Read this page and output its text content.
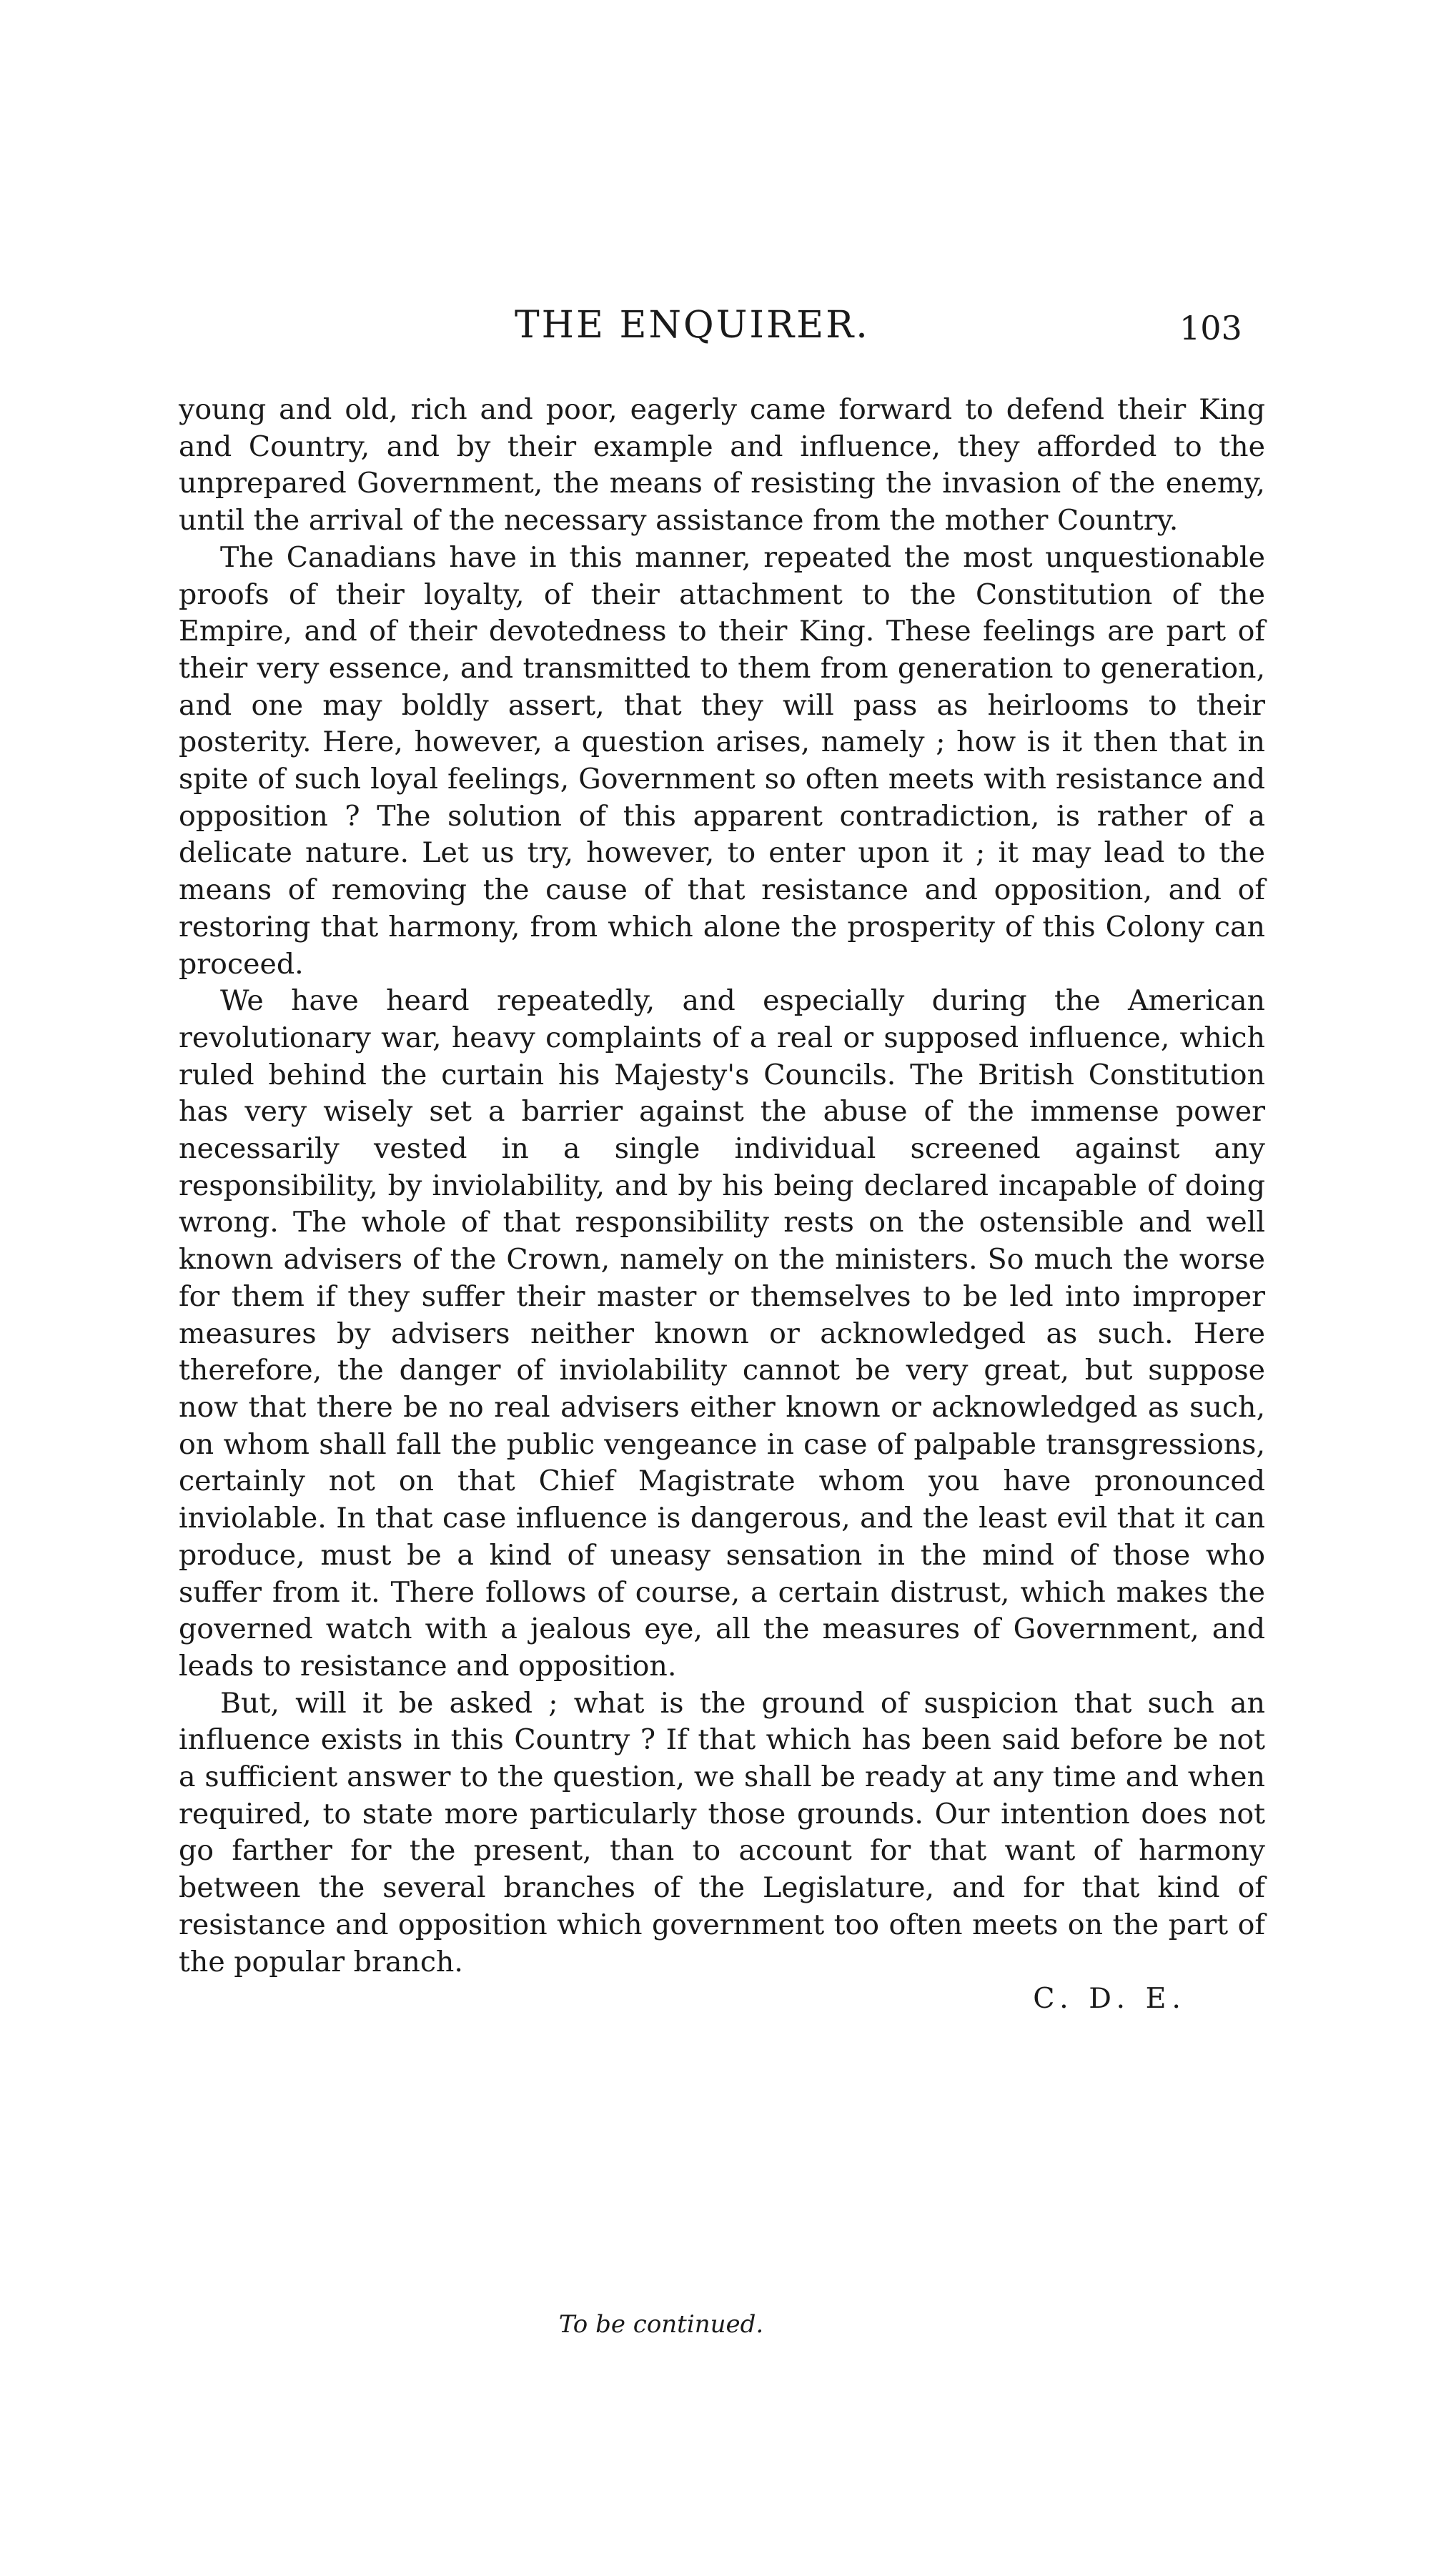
THE ENQUIRER.	103

young and old, rich and poor, eagerly came forward to defend their King and Country, and by their example and influence, they afforded to the unprepared Government, the means of resisting the invasion of the enemy, until the arrival of the necessary assistance from the mother Country.

The Canadians have in this manner, repeated the most unquestionable proofs of their loyalty, of their attachment to the Constitution of the Empire, and of their devotedness to their King. These feelings are part of their very essence, and transmitted to them from generation to generation, and one may boldly assert, that they will pass as heirlooms to their posterity. Here, however, a question arises, namely ; how is it then that in spite of such loyal feelings, Government so often meets with resistance and opposition ? The solution of this apparent contradiction, is rather of a delicate nature. Let us try, however, to enter upon it ; it may lead to the means of removing the cause of that resistance and opposition, and of restoring that harmony, from which alone the prosperity of this Colony can proceed.

We have heard repeatedly, and especially during the American revolutionary war, heavy complaints of a real or supposed influence, which ruled behind the curtain his Majesty's Councils. The British Constitution has very wisely set a barrier against the abuse of the immense power necessarily vested in a single individual screened against any responsibility, by inviolability, and by his being declared incapable of doing wrong. The whole of that responsibility rests on the ostensible and well known advisers of the Crown, namely on the ministers. So much the worse for them if they suffer their master or themselves to be led into improper measures by advisers neither known or acknowledged as such. Here therefore, the danger of inviolability cannot be very great, but suppose now that there be no real advisers either known or acknowledged as such, on whom shall fall the public vengeance in case of palpable transgressions, certainly not on that Chief Magistrate whom you have pronounced inviolable. In that case influence is dangerous, and the least evil that it can produce, must be a kind of uneasy sensation in the mind of those who suffer from it. There follows of course, a certain distrust, which makes the governed watch with a jealous eye, all the measures of Government, and leads to resistance and opposition.

But, will it be asked ; what is the ground of suspicion that such an influence exists in this Country ? If that which has been said before be not a sufficient answer to the question, we shall be ready at any time and when required, to state more particularly those grounds. Our intention does not go farther for the present, than to account for that want of harmony between the several branches of the Legislature, and for that kind of resistance and opposition which government too often meets on the part of the popular branch.

C. D. E.
To be continued.
